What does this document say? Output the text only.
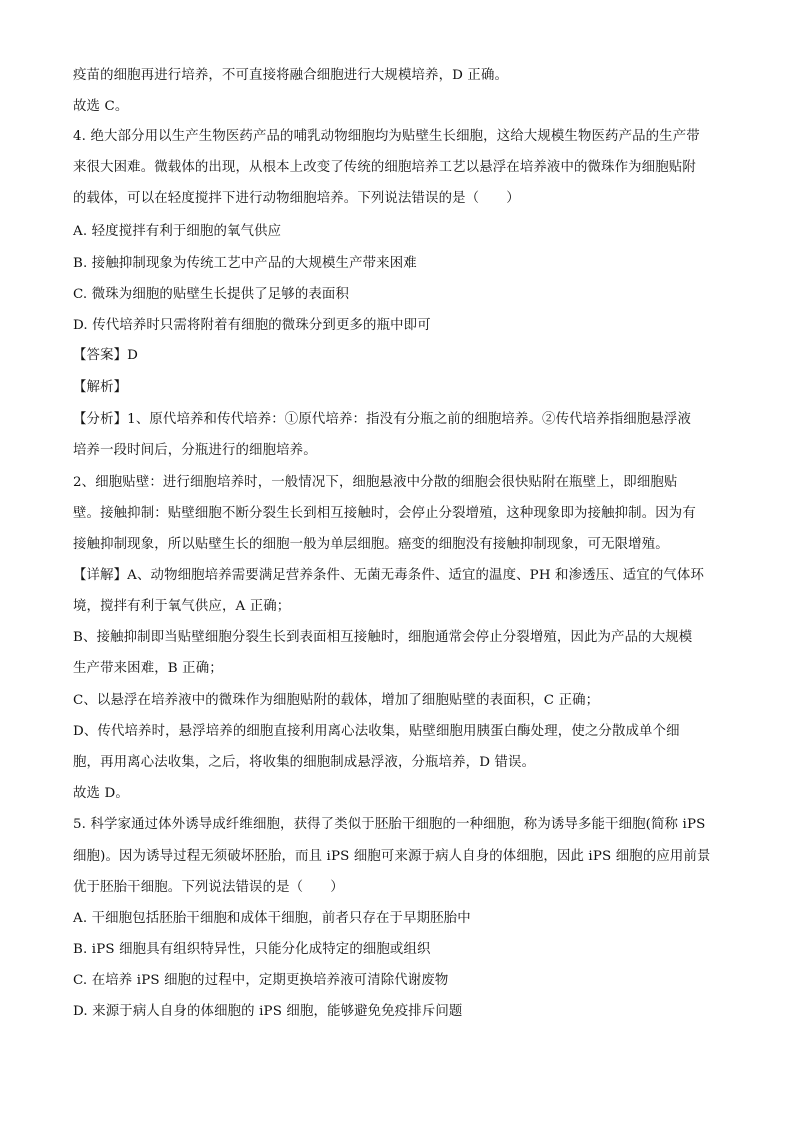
疫苗的细胞再进行培养，不可直接将融合细胞进行大规模培养，D 正确。
故选 C。
4. 绝大部分用以生产生物医药产品的哺乳动物细胞均为贴壁生长细胞，这给大规模生物医药产品的生产带
来很大困难。微载体的出现，从根本上改变了传统的细胞培养工艺以悬浮在培养液中的微珠作为细胞贴附
的载体，可以在轻度搅拌下进行动物细胞培养。下列说法错误的是（　　）
A. 轻度搅拌有利于细胞的氧气供应
B. 接触抑制现象为传统工艺中产品的大规模生产带来困难
C. 微珠为细胞的贴壁生长提供了足够的表面积
D. 传代培养时只需将附着有细胞的微珠分到更多的瓶中即可
【答案】D
【解析】
【分析】1、原代培养和传代培养：①原代培养：指没有分瓶之前的细胞培养。②传代培养指细胞悬浮液
培养一段时间后，分瓶进行的细胞培养。
2、细胞贴壁：进行细胞培养时，一般情况下，细胞悬液中分散的细胞会很快贴附在瓶壁上，即细胞贴
壁。接触抑制：贴壁细胞不断分裂生长到相互接触时，会停止分裂增殖，这种现象即为接触抑制。因为有
接触抑制现象，所以贴壁生长的细胞一般为单层细胞。癌变的细胞没有接触抑制现象，可无限增殖。
【详解】A、动物细胞培养需要满足营养条件、无菌无毒条件、适宜的温度、PH 和渗透压、适宜的气体环
境，搅拌有利于氧气供应，A 正确；
B、接触抑制即当贴壁细胞分裂生长到表面相互接触时，细胞通常会停止分裂增殖，因此为产品的大规模
生产带来困难，B 正确；
C、以悬浮在培养液中的微珠作为细胞贴附的载体，增加了细胞贴壁的表面积，C 正确；
D、传代培养时，悬浮培养的细胞直接利用离心法收集，贴壁细胞用胰蛋白酶处理，使之分散成单个细
胞，再用离心法收集，之后，将收集的细胞制成悬浮液，分瓶培养，D 错误。
故选 D。
5. 科学家通过体外诱导成纤维细胞，获得了类似于胚胎干细胞的一种细胞，称为诱导多能干细胞(简称 iPS
细胞)。因为诱导过程无须破坏胚胎，而且 iPS 细胞可来源于病人自身的体细胞，因此 iPS 细胞的应用前景
优于胚胎干细胞。下列说法错误的是（　　）
A. 干细胞包括胚胎干细胞和成体干细胞，前者只存在于早期胚胎中
B. iPS 细胞具有组织特异性，只能分化成特定的细胞或组织
C. 在培养 iPS 细胞的过程中，定期更换培养液可清除代谢废物
D. 来源于病人自身的体细胞的 iPS 细胞，能够避免免疫排斥问题
